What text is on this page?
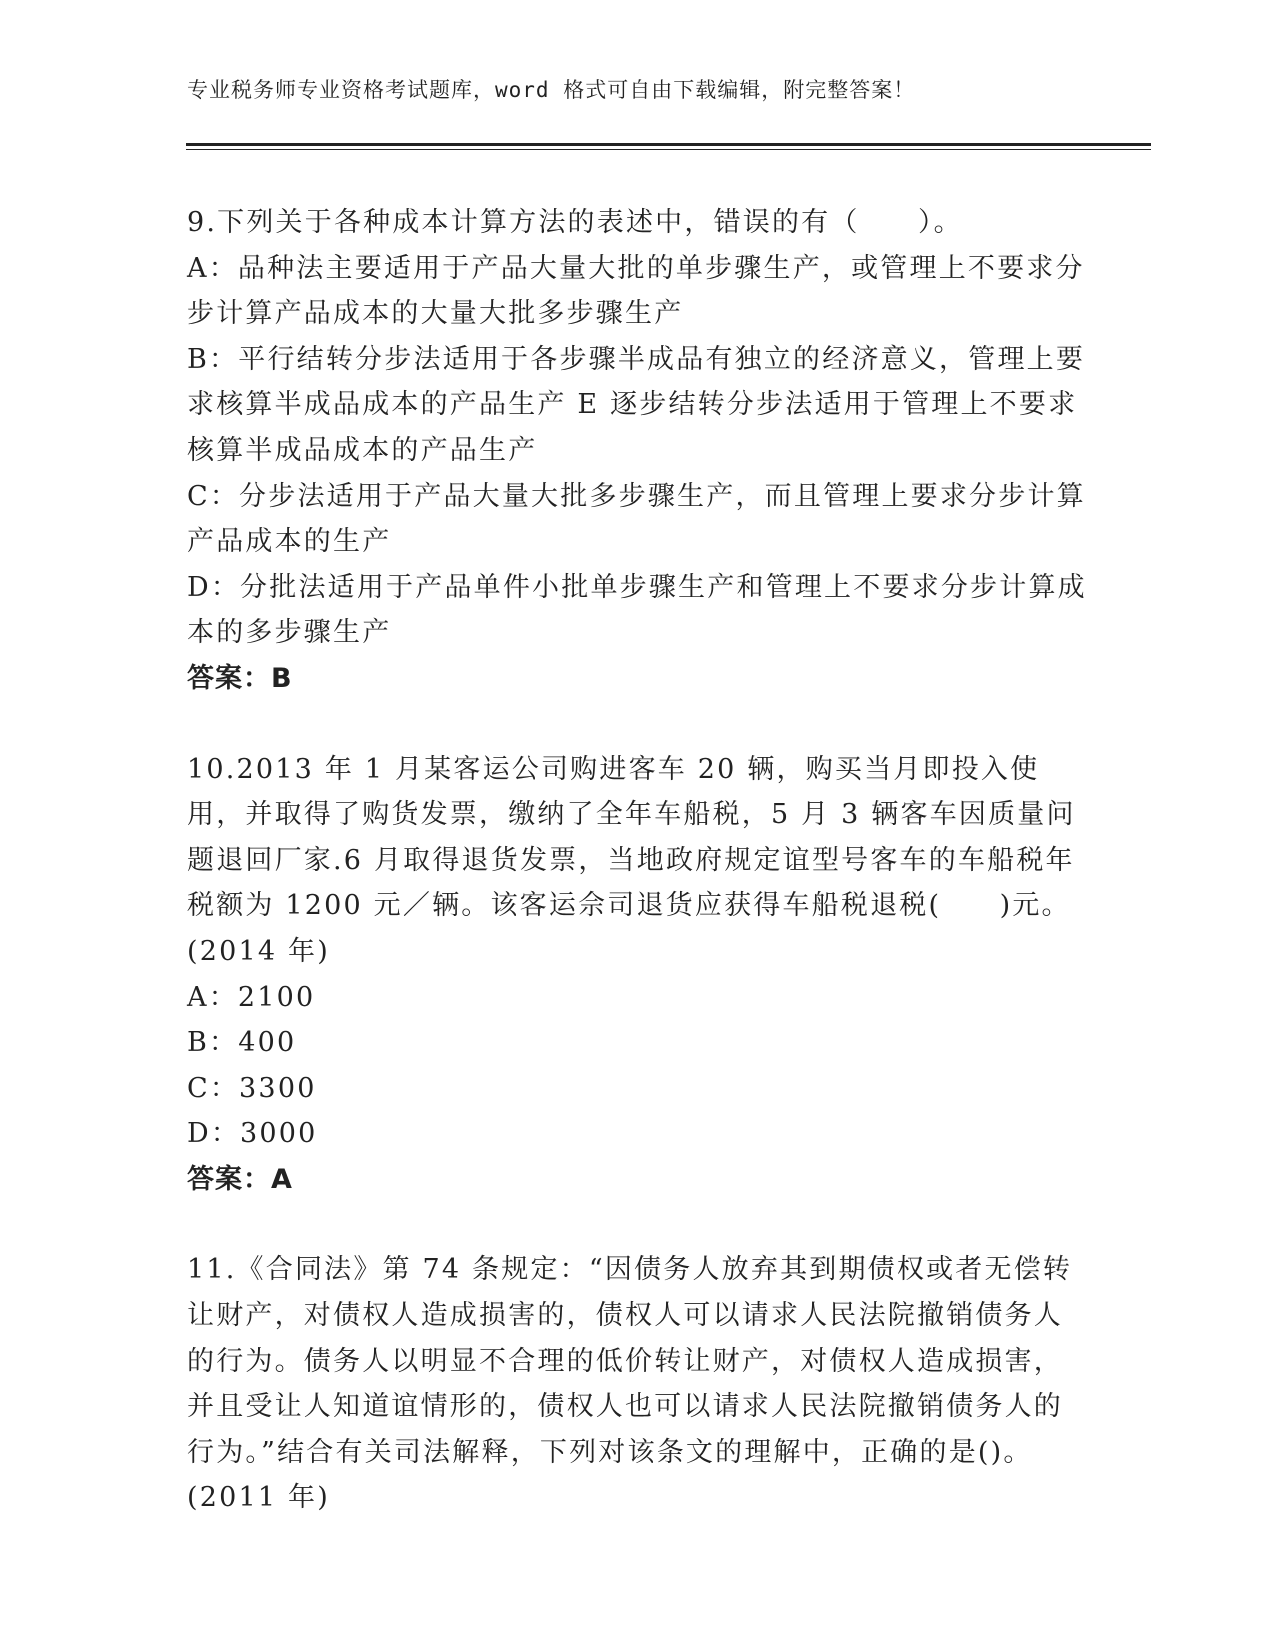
专业税务师专业资格考试题库，word 格式可自由下载编辑，附完整答案！

9.下列关于各种成本计算方法的表述中，错误的有（　　）。

A：品种法主要适用于产品大量大批的单步骤生产，或管理上不要求分步计算产品成本的大量大批多步骤生产

B：平行结转分步法适用于各步骤半成品有独立的经济意义，管理上要求核算半成品成本的产品生产 E 逐步结转分步法适用于管理上不要求核算半成品成本的产品生产

C：分步法适用于产品大量大批多步骤生产，而且管理上要求分步计算产品成本的生产

D：分批法适用于产品单件小批单步骤生产和管理上不要求分步计算成本的多步骤生产

答案：B

10.2013 年 1 月某客运公司购进客车 20 辆，购买当月即投入使用，并取得了购货发票，缴纳了全年车船税，5 月 3 辆客车因质量问题退回厂家.6 月取得退货发票，当地政府规定谊型号客车的车船税年税额为 1200 元／辆。该客运佘司退货应获得车船税退税(　　)元。(2014 年)

A：2100

B：400

C：3300

D：3000

答案：A

11.《合同法》第 74 条规定：“因债务人放弃其到期债权或者无偿转让财产，对债权人造成损害的，债权人可以请求人民法院撤销债务人的行为。债务人以明显不合理的低价转让财产，对债权人造成损害，并且受让人知道谊情形的，债权人也可以请求人民法院撤销债务人的行为。”结合有关司法解释，下列对该条文的理解中，正确的是()。(2011 年)
